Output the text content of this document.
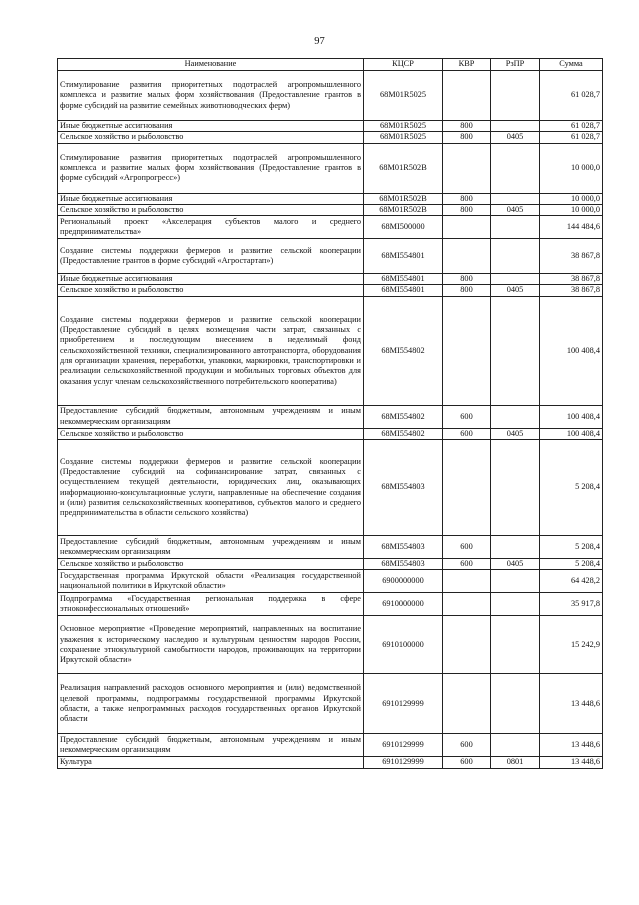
97
Наименование	КЦСР	КВР	РзПР	Сумма
Стимулирование развития приоритетных подотраслей агропромышленного комплекса и развитие малых форм хозяйствования (Предоставление грантов в форме субсидий на развитие семейных животноводческих ферм)	68M01R5025			61 028,7
Иные бюджетные ассигнования	68M01R5025	800		61 028,7
Сельское хозяйство и рыболовство	68M01R5025	800	0405	61 028,7
Стимулирование развития приоритетных подотраслей агропромышленного комплекса и развитие малых форм хозяйствования (Предоставление грантов в форме субсидий «Агропрогресс»)	68M01R502B			10 000,0
Иные бюджетные ассигнования	68M01R502B	800		10 000,0
Сельское хозяйство и рыболовство	68M01R502B	800	0405	10 000,0
Региональный проект «Акселерация субъектов малого и среднего предпринимательства»	68MI500000			144 484,6
Создание системы поддержки фермеров и развитие сельской кооперации (Предоставление грантов в форме субсидий «Агростартап»)	68MI554801			38 867,8
Иные бюджетные ассигнования	68MI554801	800		38 867,8
Сельское хозяйство и рыболовство	68MI554801	800	0405	38 867,8
Создание системы поддержки фермеров и развитие сельской кооперации (Предоставление субсидий в целях возмещения части затрат, связанных с приобретением и последующим внесением в неделимый фонд сельскохозяйственной техники, специализированного автотранспорта, оборудования для организации хранения, переработки, упаковки, маркировки, транспортировки и реализации сельскохозяйственной продукции и мобильных торговых объектов для оказания услуг членам сельскохозяйственного потребительского кооператива)	68MI554802			100 408,4
Предоставление субсидий бюджетным, автономным учреждениям и иным некоммерческим организациям	68MI554802	600		100 408,4
Сельское хозяйство и рыболовство	68MI554802	600	0405	100 408,4
Создание системы поддержки фермеров и развитие сельской кооперации (Предоставление субсидий на софинансирование затрат, связанных с осуществлением текущей деятельности, юридических лиц, оказывающих информационно-консультационные услуги, направленные на обеспечение создания и (или) развития сельскохозяйственных кооперативов, субъектов малого и среднего предпринимательства в области сельского хозяйства)	68MI554803			5 208,4
Предоставление субсидий бюджетным, автономным учреждениям и иным некоммерческим организациям	68MI554803	600		5 208,4
Сельское хозяйство и рыболовство	68MI554803	600	0405	5 208,4
Государственная программа Иркутской области «Реализация государственной национальной политики в Иркутской области»	6900000000			64 428,2
Подпрограмма «Государственная региональная поддержка в сфере этноконфессиональных отношений»	6910000000			35 917,8
Основное мероприятие «Проведение мероприятий, направленных на воспитание уважения к историческому наследию и культурным ценностям народов России, сохранение этнокультурной самобытности народов, проживающих на территории Иркутской области»	6910100000			15 242,9
Реализация направлений расходов основного мероприятия и (или) ведомственной целевой программы, подпрограммы государственной программы Иркутской области, а также непрограммных расходов государственных органов Иркутской области	6910129999			13 448,6
Предоставление субсидий бюджетным, автономным учреждениям и иным некоммерческим организациям	6910129999	600		13 448,6
Культура	6910129999	600	0801	13 448,6
